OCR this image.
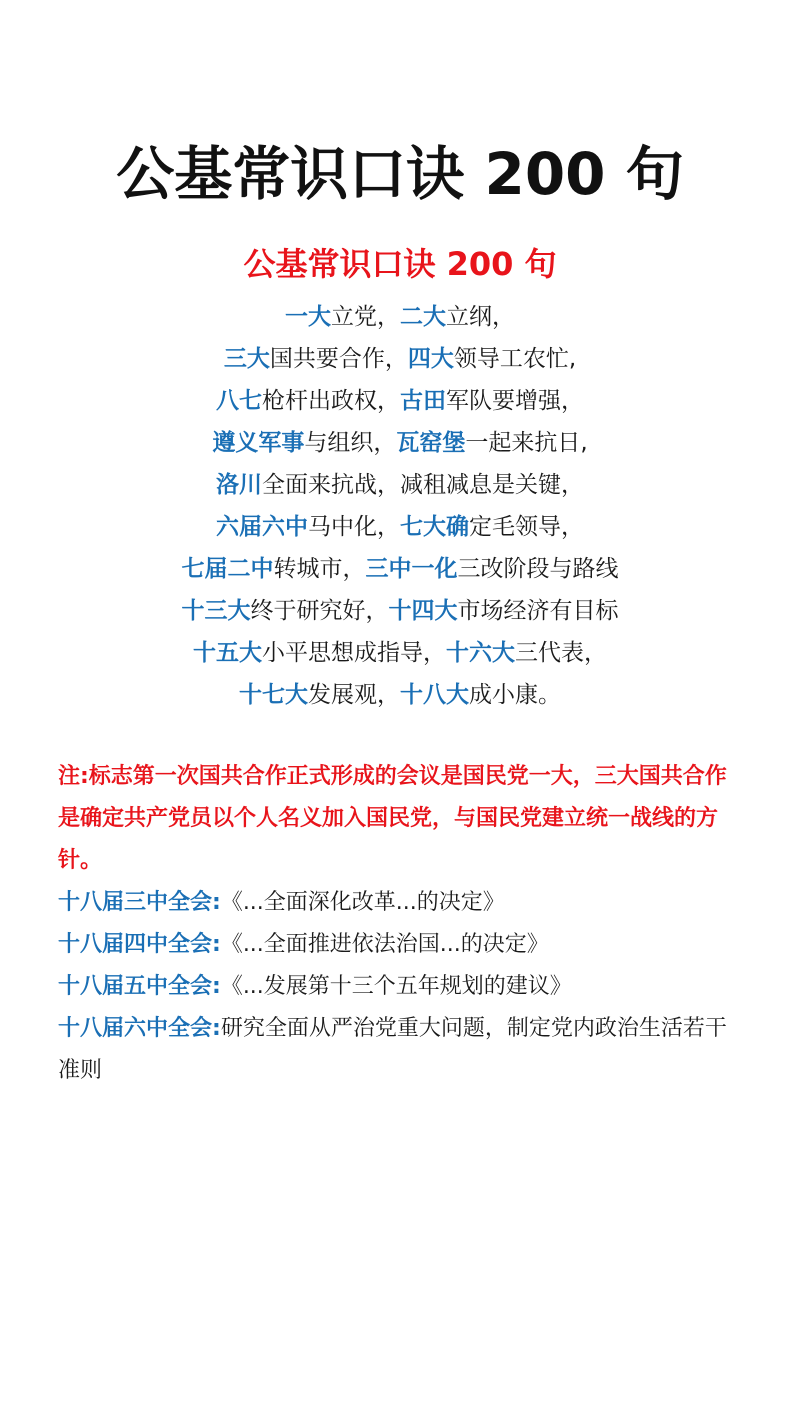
公基常识口诀 200 句
公基常识口诀 200 句
一大立党，二大立纲，
三大国共要合作，四大领导工农忙,
八七枪杆出政权，古田军队要增强，
遵义军事与组织，瓦窑堡一起来抗日,
洛川全面来抗战，减租减息是关键，
六届六中马中化，七大确定毛领导，
七届二中转城市，三中一化三改阶段与路线
十三大终于研究好，十四大市场经济有目标
十五大小平思想成指导，十六大三代表，
十七大发展观，十八大成小康。

注:标志第一次国共合作正式形成的会议是国民党一大，三大国共合作是确定共产党员以个人名义加入国民党，与国民党建立统一战线的方针。

十八届三中全会:《...全面深化改革...的决定》

十八届四中全会:《...全面推进依法治国...的决定》

十八届五中全会:《...发展第十三个五年规划的建议》

十八届六中全会:研究全面从严治党重大问题，制定党内政治生活若干准则
